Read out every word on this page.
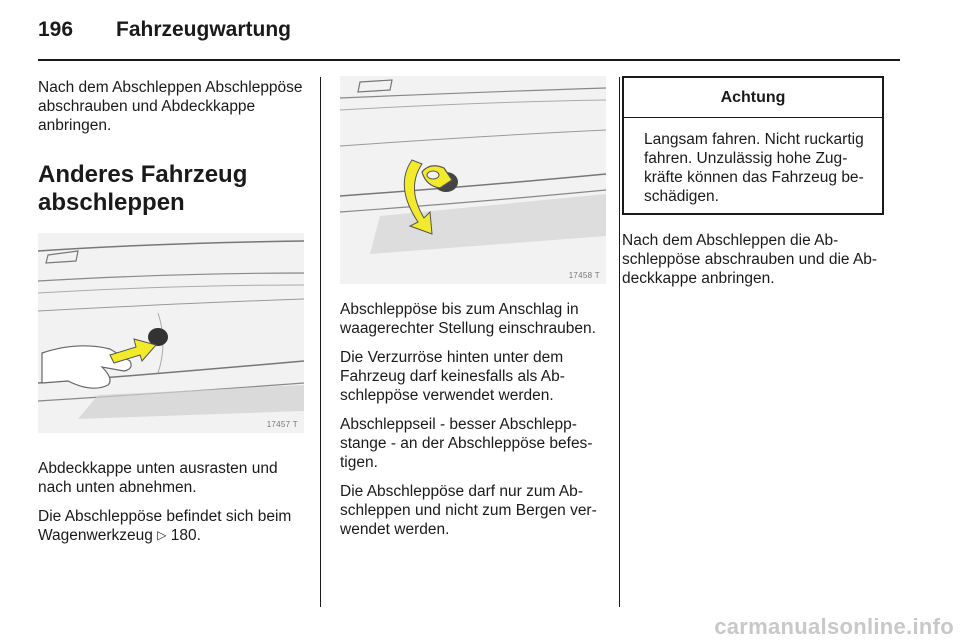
196 Fahrzeugwartung

Nach dem Abschleppen Abschleppöse abschrauben und Abdeckkappe anbringen.

Anderes Fahrzeug abschleppen
17457 T

Abdeckkappe unten ausrasten und nach unten abnehmen.

Die Abschleppöse befindet sich beim Wagenwerkzeug ▷ 180.

17458 T

Abschleppöse bis zum Anschlag in waagerechter Stellung einschrauben.

Die Verzurröse hinten unter dem Fahrzeug darf keinesfalls als Abschleppöse verwendet werden.

Abschleppseil - besser Abschleppstange - an der Abschleppöse befestigen.

Die Abschleppöse darf nur zum Abschleppen und nicht zum Bergen verwendet werden.

Achtung
Langsam fahren. Nicht ruckartig fahren. Unzulässig hohe Zugkräfte können das Fahrzeug beschädigen.

Nach dem Abschleppen die Abschleppöse abschrauben und die Abdeckkappe anbringen.

carmanualsonline.info
